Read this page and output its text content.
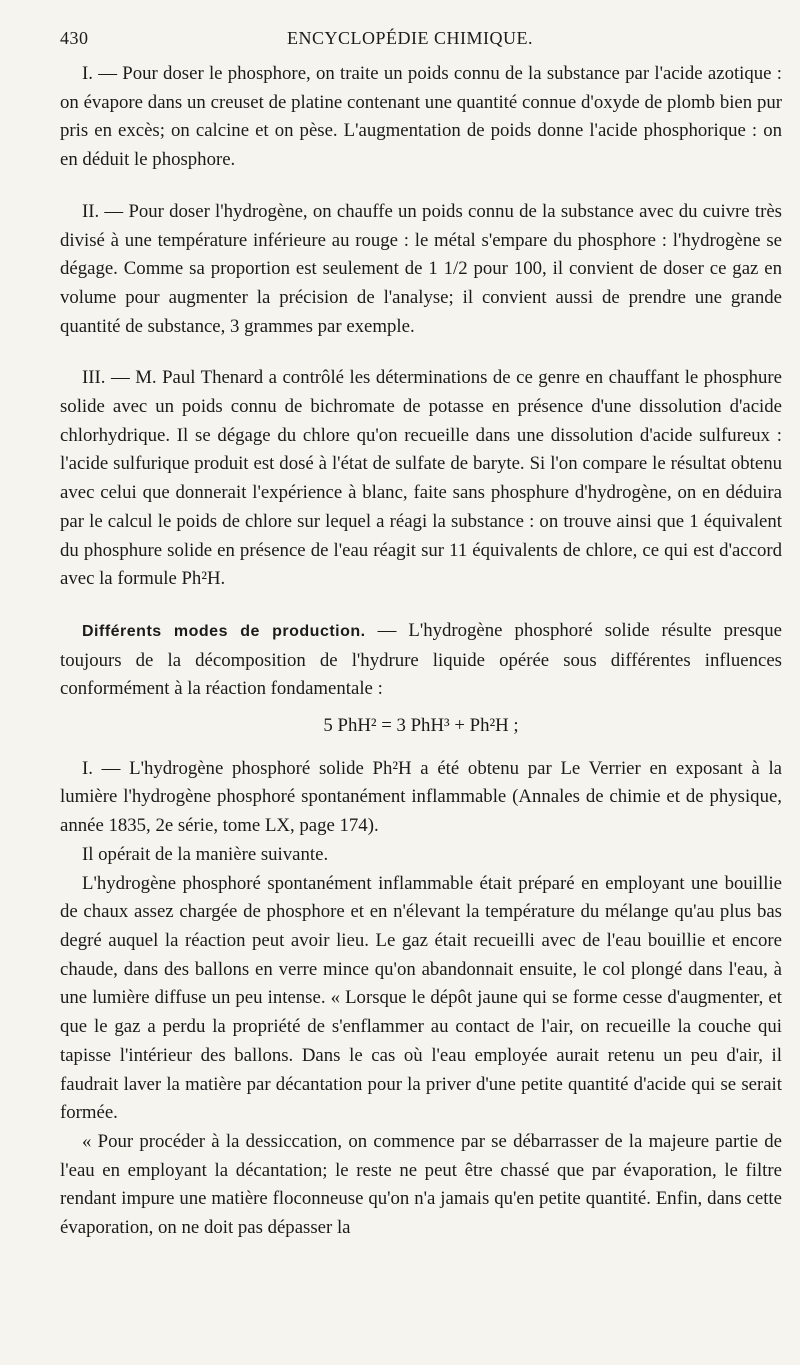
430	ENCYCLOPÉDIE CHIMIQUE.

I. — Pour doser le phosphore, on traite un poids connu de la substance par l'acide azotique : on évapore dans un creuset de platine contenant une quantité connue d'oxyde de plomb bien pur pris en excès; on calcine et on pèse. L'augmentation de poids donne l'acide phosphorique : on en déduit le phosphore.

II. — Pour doser l'hydrogène, on chauffe un poids connu de la substance avec du cuivre très divisé à une température inférieure au rouge : le métal s'empare du phosphore : l'hydrogène se dégage. Comme sa proportion est seulement de 1 1/2 pour 100, il convient de doser ce gaz en volume pour augmenter la précision de l'analyse; il convient aussi de prendre une grande quantité de substance, 3 grammes par exemple.

III. — M. Paul Thenard a contrôlé les déterminations de ce genre en chauffant le phosphure solide avec un poids connu de bichromate de potasse en présence d'une dissolution d'acide chlorhydrique. Il se dégage du chlore qu'on recueille dans une dissolution d'acide sulfureux : l'acide sulfurique produit est dosé à l'état de sulfate de baryte. Si l'on compare le résultat obtenu avec celui que donnerait l'expérience à blanc, faite sans phosphure d'hydrogène, on en déduira par le calcul le poids de chlore sur lequel a réagi la substance : on trouve ainsi que 1 équivalent du phosphure solide en présence de l'eau réagit sur 11 équivalents de chlore, ce qui est d'accord avec la formule Ph²H.

Différents modes de production. — L'hydrogène phosphoré solide résulte presque toujours de la décomposition de l'hydrure liquide opérée sous différentes influences conformément à la réaction fondamentale :

5 PhH² = 3 PhH³ + Ph²H ;

I. — L'hydrogène phosphoré solide Ph²H a été obtenu par Le Verrier en exposant à la lumière l'hydrogène phosphoré spontanément inflammable (Annales de chimie et de physique, année 1835, 2e série, tome LX, page 174).

Il opérait de la manière suivante.

L'hydrogène phosphoré spontanément inflammable était préparé en employant une bouillie de chaux assez chargée de phosphore et en n'élevant la température du mélange qu'au plus bas degré auquel la réaction peut avoir lieu. Le gaz était recueilli avec de l'eau bouillie et encore chaude, dans des ballons en verre mince qu'on abandonnait ensuite, le col plongé dans l'eau, à une lumière diffuse un peu intense. « Lorsque le dépôt jaune qui se forme cesse d'augmenter, et que le gaz a perdu la propriété de s'enflammer au contact de l'air, on recueille la couche qui tapisse l'intérieur des ballons. Dans le cas où l'eau employée aurait retenu un peu d'air, il faudrait laver la matière par décantation pour la priver d'une petite quantité d'acide qui se serait formée.

« Pour procéder à la dessiccation, on commence par se débarrasser de la majeure partie de l'eau en employant la décantation; le reste ne peut être chassé que par évaporation, le filtre rendant impure une matière floconneuse qu'on n'a jamais qu'en petite quantité. Enfin, dans cette évaporation, on ne doit pas dépasser la
